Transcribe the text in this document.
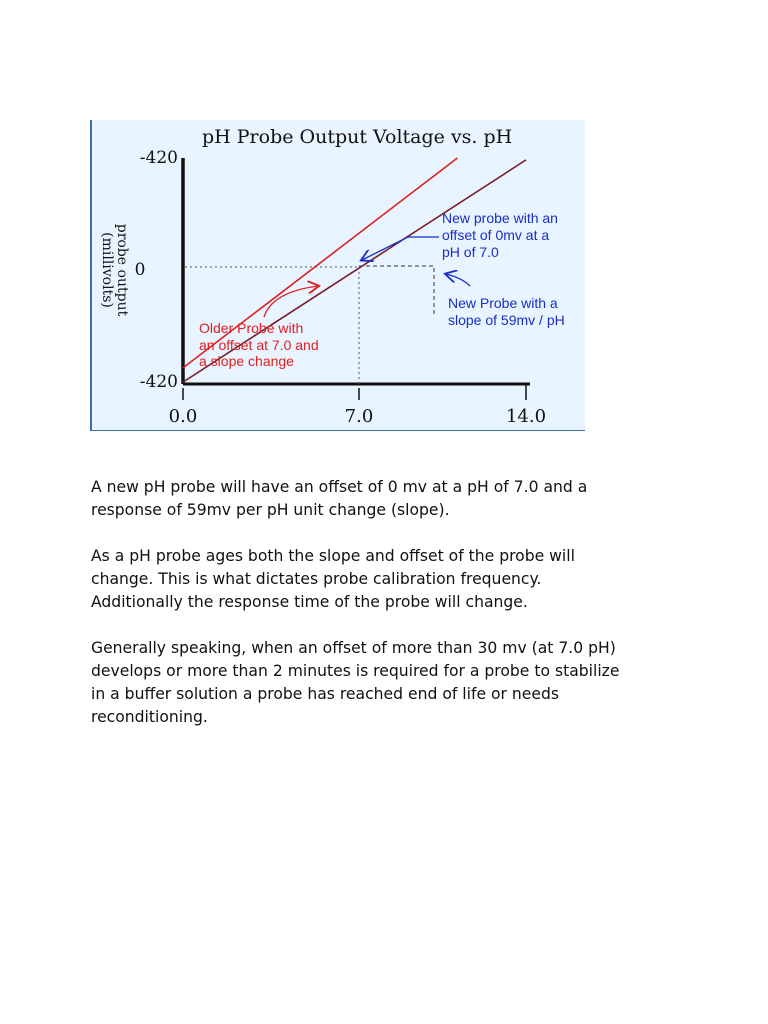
pH Probe Output Voltage vs. pH
probe output
(millivolts)
-420
0
-420
0.0	7.0	14.0
New probe with an offset of 0mv at a pH of 7.0
New Probe with a slope of 59mv / pH
Older Probe with an offset at 7.0 and a slope change

A new pH probe will have an offset of 0 mv at a pH of 7.0 and a
response of 59mv per pH unit change (slope).

As a pH probe ages both the slope and offset of the probe will
change. This is what dictates probe calibration frequency.
Additionally the response time of the probe will change.

Generally speaking, when an offset of more than 30 mv (at 7.0 pH)
develops or more than 2 minutes is required for a probe to stabilize
in a buffer solution a probe has reached end of life or needs
reconditioning.
